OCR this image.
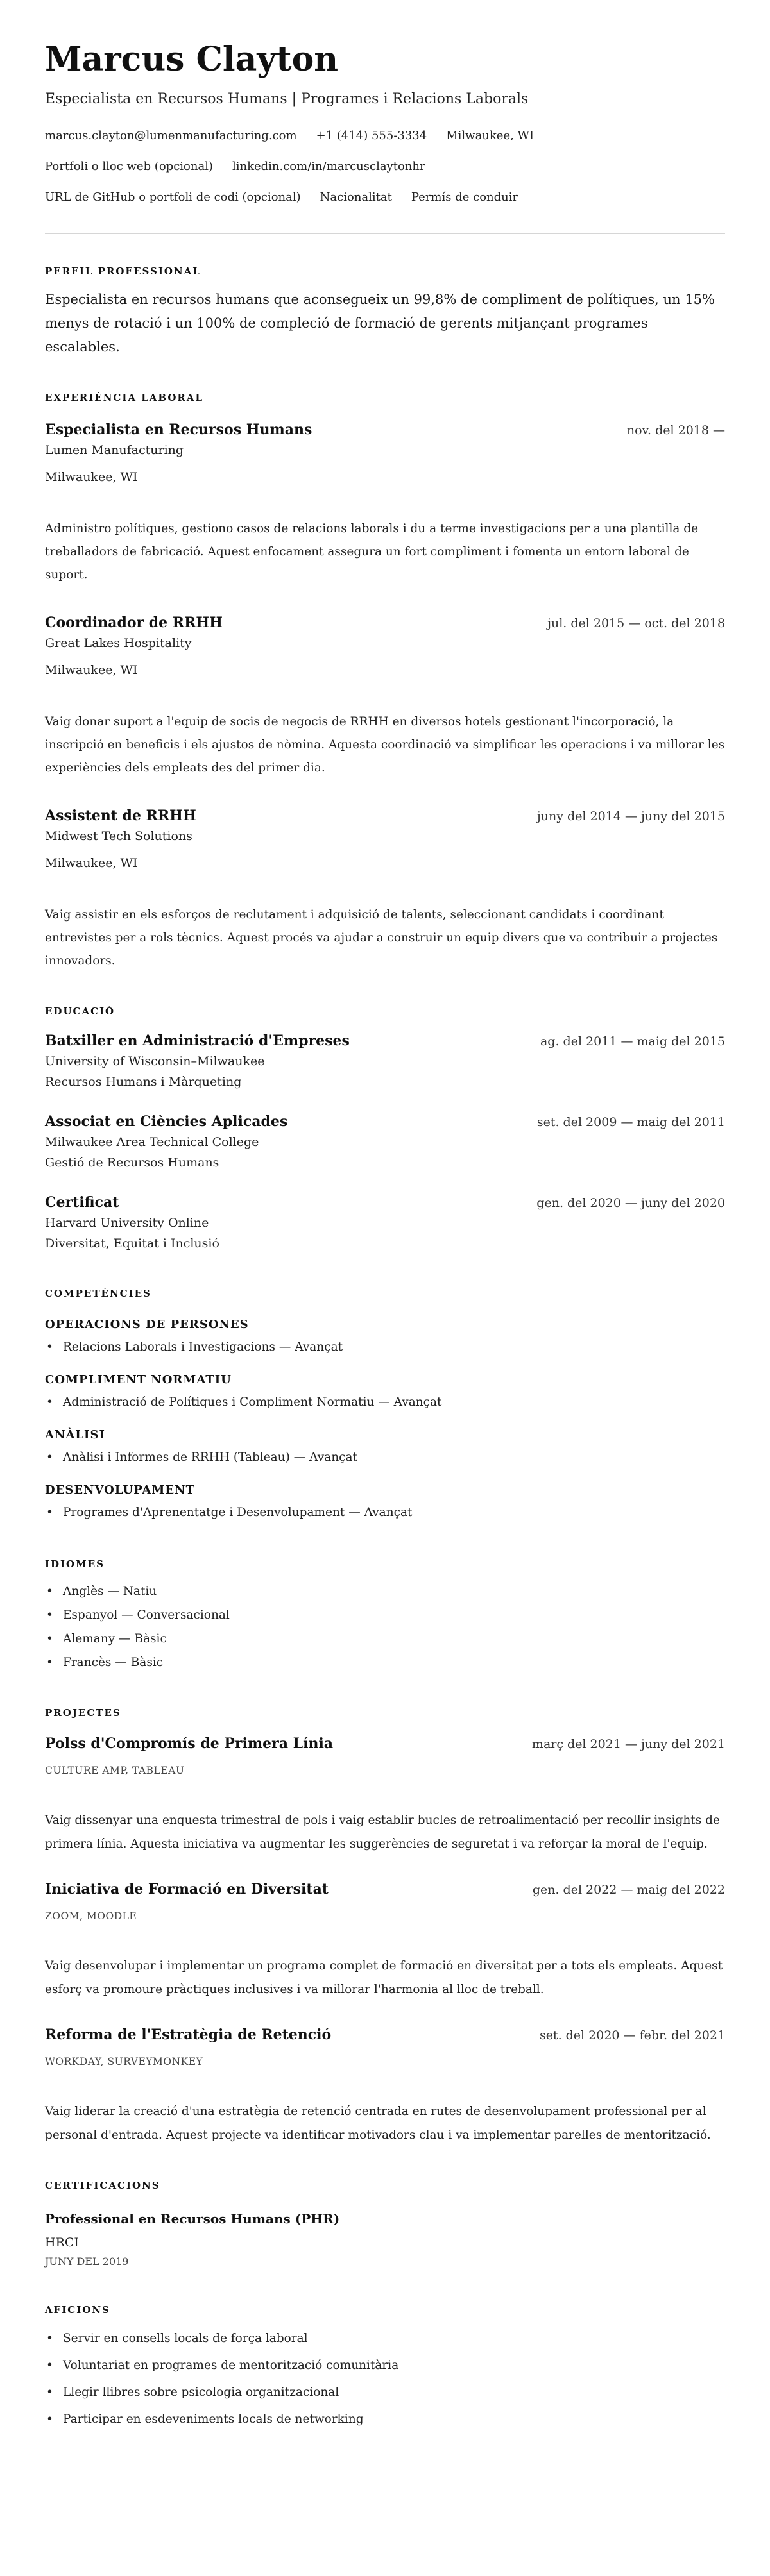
Marcus Clayton
Especialista en Recursos Humans | Programes i Relacions Laborals
marcus.clayton@lumenmanufacturing.com +1 (414) 555-3334 Milwaukee, WI
Portfoli o lloc web (opcional) linkedin.com/in/marcusclaytonhr
URL de GitHub o portfoli de codi (opcional) Nacionalitat Permís de conduir
PERFIL PROFESSIONAL

Especialista en recursos humans que aconsegueix un 99,8% de compliment de polítiques, un 15% menys de rotació i un 100% de compleció de formació de gerents mitjançant programes escalables.

EXPERIÈNCIA LABORAL
Especialista en Recursos Humans	nov. del 2018 —
Lumen Manufacturing
Milwaukee, WI

Administro polítiques, gestiono casos de relacions laborals i du a terme investigacions per a una plantilla de treballadors de fabricació. Aquest enfocament assegura un fort compliment i fomenta un entorn laboral de suport.

Coordinador de RRHH	jul. del 2015 — oct. del 2018
Great Lakes Hospitality
Milwaukee, WI

Vaig donar suport a l'equip de socis de negocis de RRHH en diversos hotels gestionant l'incorporació, la inscripció en beneficis i els ajustos de nòmina. Aquesta coordinació va simplificar les operacions i va millorar les experiències dels empleats des del primer dia.

Assistent de RRHH	juny del 2014 — juny del 2015
Midwest Tech Solutions
Milwaukee, WI

Vaig assistir en els esforços de reclutament i adquisició de talents, seleccionant candidats i coordinant entrevistes per a rols tècnics. Aquest procés va ajudar a construir un equip divers que va contribuir a projectes innovadors.

EDUCACIÓ
Batxiller en Administració d'Empreses	ag. del 2011 — maig del 2015
University of Wisconsin–Milwaukee
Recursos Humans i Màrqueting
Associat en Ciències Aplicades	set. del 2009 — maig del 2011
Milwaukee Area Technical College
Gestió de Recursos Humans
Certificat	gen. del 2020 — juny del 2020
Harvard University Online
Diversitat, Equitat i Inclusió
COMPETÈNCIES
OPERACIONS DE PERSONES
• Relacions Laborals i Investigacions — Avançat
COMPLIMENT NORMATIU
• Administració de Polítiques i Compliment Normatiu — Avançat
ANÀLISI
• Anàlisi i Informes de RRHH (Tableau) — Avançat
DESENVOLUPAMENT
• Programes d'Aprenentatge i Desenvolupament — Avançat
IDIOMES
• Anglès — Natiu
• Espanyol — Conversacional
• Alemany — Bàsic
• Francès — Bàsic
PROJECTES
Polss d'Compromís de Primera Línia	març del 2021 — juny del 2021
CULTURE AMP, TABLEAU

Vaig dissenyar una enquesta trimestral de pols i vaig establir bucles de retroalimentació per recollir insights de primera línia. Aquesta iniciativa va augmentar les suggerències de seguretat i va reforçar la moral de l'equip.

Iniciativa de Formació en Diversitat	gen. del 2022 — maig del 2022
ZOOM, MOODLE

Vaig desenvolupar i implementar un programa complet de formació en diversitat per a tots els empleats. Aquest esforç va promoure pràctiques inclusives i va millorar l'harmonia al lloc de treball.

Reforma de l'Estratègia de Retenció	set. del 2020 — febr. del 2021
WORKDAY, SURVEYMONKEY

Vaig liderar la creació d'una estratègia de retenció centrada en rutes de desenvolupament professional per al personal d'entrada. Aquest projecte va identificar motivadors clau i va implementar parelles de mentorització.

CERTIFICACIONS
Professional en Recursos Humans (PHR)
HRCI
JUNY DEL 2019
AFICIONS
• Servir en consells locals de força laboral
• Voluntariat en programes de mentorització comunitària
• Llegir llibres sobre psicologia organitzacional
• Participar en esdeveniments locals de networking
